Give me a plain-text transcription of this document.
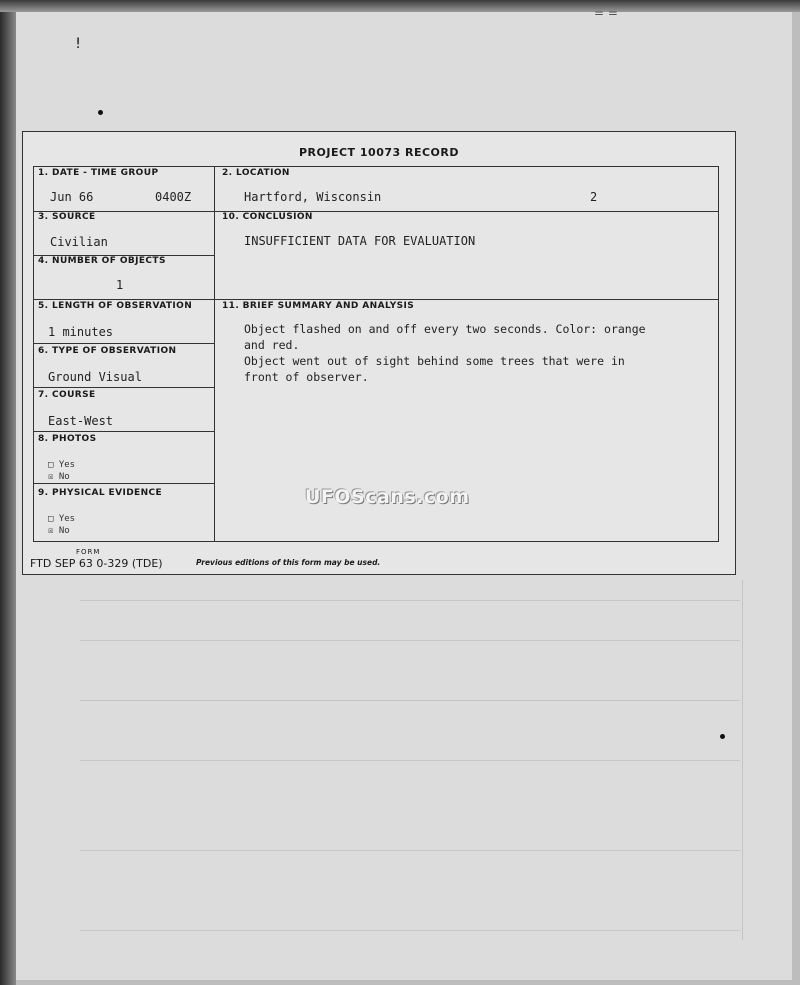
= =
ǃ
PROJECT 10073 RECORD
1. DATE - TIME GROUP
Jun 66	0400Z
2. LOCATION
Hartford, Wisconsin	2
3. SOURCE
Civilian
10. CONCLUSION
INSUFFICIENT DATA FOR EVALUATION
4. NUMBER OF OBJECTS
1
5. LENGTH OF OBSERVATION
1 minutes
11. BRIEF SUMMARY AND ANALYSIS

Object flashed on and off every two seconds. Color: orange

and red.

Object went out of sight behind some trees that were in

front of observer.

6. TYPE OF OBSERVATION
Ground Visual
7. COURSE
East-West
8. PHOTOS
□ Yes
☒ No
9. PHYSICAL EVIDENCE
□ Yes
☒ No
FORM
FTD SEP 63 0-329 (TDE)	Previous editions of this form may be used.
UFOScans.com
